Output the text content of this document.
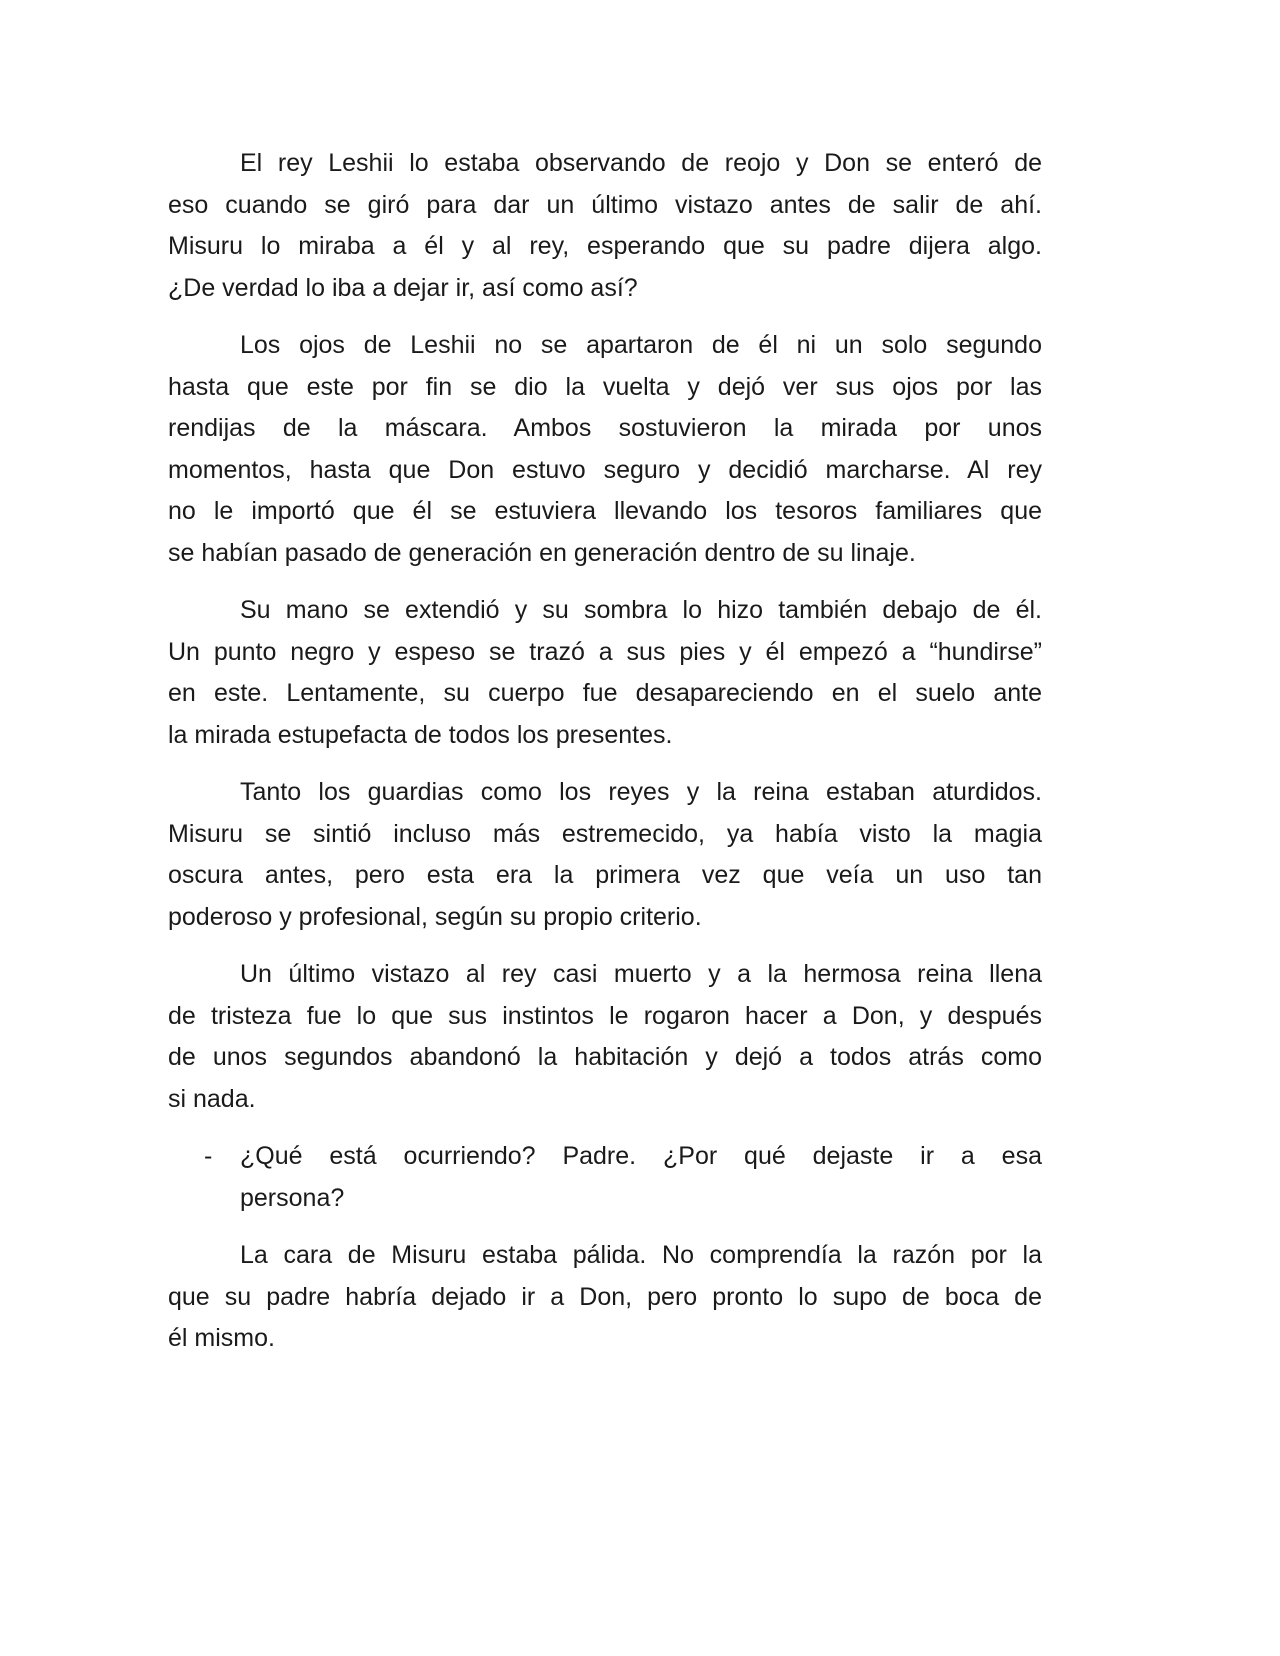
El rey Leshii lo estaba observando de reojo y Don se enteró de
eso cuando se giró para dar un último vistazo antes de salir de ahí.
Misuru lo miraba a él y al rey, esperando que su padre dijera algo.
¿De verdad lo iba a dejar ir, así como así?
Los ojos de Leshii no se apartaron de él ni un solo segundo
hasta que este por fin se dio la vuelta y dejó ver sus ojos por las
rendijas de la máscara. Ambos sostuvieron la mirada por unos
momentos, hasta que Don estuvo seguro y decidió marcharse. Al rey
no le importó que él se estuviera llevando los tesoros familiares que
se habían pasado de generación en generación dentro de su linaje.
Su mano se extendió y su sombra lo hizo también debajo de él.
Un punto negro y espeso se trazó a sus pies y él empezó a “hundirse”
en este. Lentamente, su cuerpo fue desapareciendo en el suelo ante
la mirada estupefacta de todos los presentes.
Tanto los guardias como los reyes y la reina estaban aturdidos.
Misuru se sintió incluso más estremecido, ya había visto la magia
oscura antes, pero esta era la primera vez que veía un uso tan
poderoso y profesional, según su propio criterio.
Un último vistazo al rey casi muerto y a la hermosa reina llena
de tristeza fue lo que sus instintos le rogaron hacer a Don, y después
de unos segundos abandonó la habitación y dejó a todos atrás como
si nada.
- ¿Qué está ocurriendo? Padre. ¿Por qué dejaste ir a esa
persona?
La cara de Misuru estaba pálida. No comprendía la razón por la
que su padre habría dejado ir a Don, pero pronto lo supo de boca de
él mismo.
